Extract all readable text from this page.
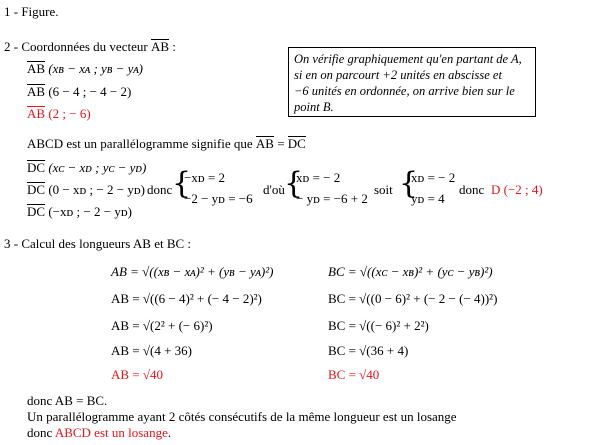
1 - Figure.
2 - Coordonnées du vecteur AB :
AB (xʙ − xᴀ ; yʙ − yᴀ)
AB (6 − 4 ; − 4 − 2)
AB (2 ; − 6)
On vérifie graphiquement qu'en partant de A,
si en on parcourt +2 unités en abscisse et
−6 unités en ordonnée, on arrive bien sur le
point B.
ABCD est un parallélogramme signifie que AB = DC
DC (xᴄ − xᴅ ; yᴄ − yᴅ)
DC (0 − xᴅ ; − 2 − yᴅ)
DC (−xᴅ ; − 2 − yᴅ)
donc {
−xᴅ = 2
−2 − yᴅ = −6
d'où {
xᴅ = − 2
− yᴅ = −6 + 2
soit {
xᴅ = − 2
yᴅ = 4
donc D (−2 ; 4)
3 - Calcul des longueurs AB et BC :
AB = √((xʙ − xᴀ)² + (yʙ − yᴀ)²)
AB = √((6 − 4)² + (− 4 − 2)²)
AB = √(2² + (− 6)²)
AB = √(4 + 36)
AB = √40
BC = √((xᴄ − xʙ)² + (yᴄ − yʙ)²)
BC = √((0 − 6)² + (− 2 − (− 4))²)
BC = √((− 6)² + 2²)
BC = √(36 + 4)
BC = √40
donc AB = BC.
Un parallélogramme ayant 2 côtés consécutifs de la même longueur est un losange
donc ABCD est un losange.
